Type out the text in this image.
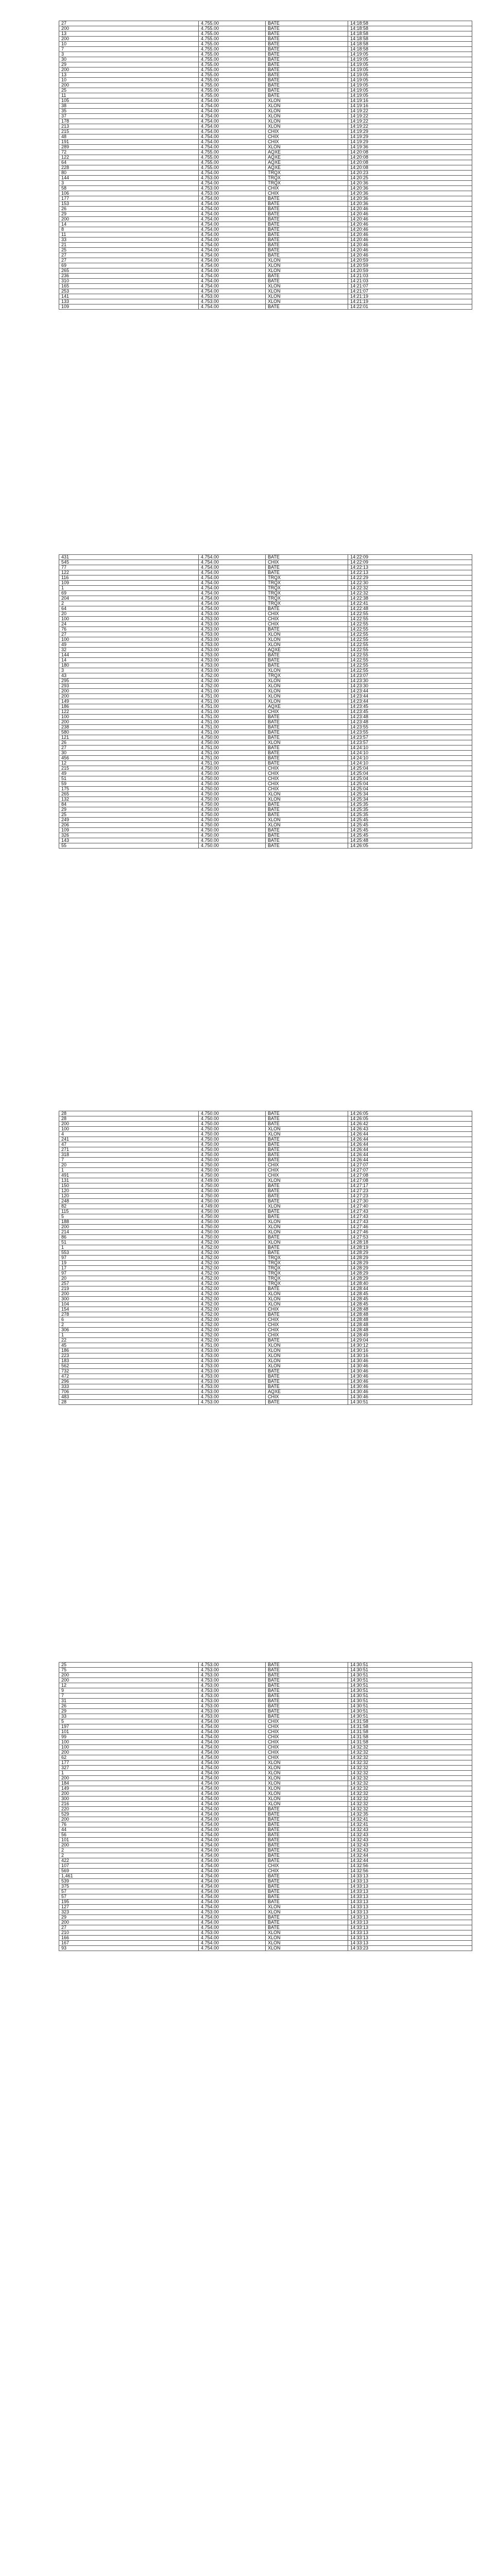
27	4.755.00	BATE	14:18:58
200	4.755.00	BATE	14:18:58
13	4.755.00	BATE	14:18:58
200	4.755.00	BATE	14:18:58
10	4.755.00	BATE	14:18:58
7	4.755.00	BATE	14:18:58
3	4.755.00	BATE	14:19:05
30	4.755.00	BATE	14:19:05
29	4.755.00	BATE	14:19:05
200	4.755.00	BATE	14:19:05
13	4.755.00	BATE	14:19:05
10	4.755.00	BATE	14:19:05
200	4.755.00	BATE	14:19:05
25	4.755.00	BATE	14:19:05
11	4.755.00	BATE	14:19:05
105	4.754.00	XLON	14:19:16
38	4.754.00	XLON	14:19:16
35	4.754.00	XLON	14:19:22
37	4.754.00	XLON	14:19:22
178	4.754.00	XLON	14:19:22
213	4.754.00	XLON	14:19:22
215	4.754.00	CHIX	14:19:29
48	4.754.00	CHIX	14:19:29
191	4.754.00	CHIX	14:19:29
289	4.754.00	XLON	14:19:36
72	4.755.00	AQXE	14:20:08
122	4.755.00	AQXE	14:20:08
64	4.755.00	AQXE	14:20:08
228	4.755.00	AQXE	14:20:08
80	4.754.00	TRQX	14:20:23
144	4.753.00	TRQX	14:20:25
3	4.754.00	TRQX	14:20:36
58	4.753.00	CHIX	14:20:36
106	4.753.00	CHIX	14:20:36
177	4.754.00	BATE	14:20:36
153	4.754.00	BATE	14:20:36
26	4.754.00	BATE	14:20:46
29	4.754.00	BATE	14:20:46
200	4.754.00	BATE	14:20:46
14	4.754.00	BATE	14:20:46
8	4.754.00	BATE	14:20:46
11	4.754.00	BATE	14:20:46
33	4.754.00	BATE	14:20:46
21	4.754.00	BATE	14:20:46
25	4.754.00	BATE	14:20:46
27	4.754.00	BATE	14:20:46
27	4.754.00	XLON	14:20:59
69	4.754.00	XLON	14:20:59
265	4.754.00	XLON	14:20:59
236	4.754.00	BATE	14:21:03
310	4.754.00	BATE	14:21:03
165	4.754.00	XLON	14:21:07
253	4.754.00	XLON	14:21:07
141	4.753.00	XLON	14:21:19
133	4.753.00	XLON	14:21:19
109	4.754.00	BATE	14:22:01
431	4.754.00	BATE	14:22:09
545	4.754.00	CHIX	14:22:09
77	4.754.00	BATE	14:22:13
122	4.754.00	BATE	14:22:13
116	4.754.00	TRQX	14:22:29
109	4.754.00	TRQX	14:22:30
1	4.754.00	TRQX	14:22:32
69	4.754.00	TRQX	14:22:32
204	4.754.00	TRQX	14:22:38
2	4.754.00	TRQX	14:22:41
64	4.754.00	BATE	14:22:48
20	4.753.00	CHIX	14:22:55
100	4.753.00	CHIX	14:22:55
24	4.753.00	CHIX	14:22:55
76	4.753.00	BATE	14:22:55
27	4.753.00	XLON	14:22:55
100	4.753.00	XLON	14:22:55
49	4.753.00	XLON	14:22:55
32	4.753.00	AQXE	14:22:55
144	4.753.00	BATE	14:22:55
14	4.753.00	BATE	14:22:55
180	4.753.00	BATE	14:22:55
3	4.753.00	XLON	14:22:55
43	4.752.00	TRQX	14:23:07
295	4.752.00	XLON	14:23:30
293	4.752.00	XLON	14:23:30
200	4.751.00	XLON	14:23:44
200	4.751.00	XLON	14:23:44
149	4.751.00	XLON	14:23:44
186	4.751.00	AQXE	14:23:45
122	4.751.00	CHIX	14:23:45
100	4.751.00	BATE	14:23:48
200	4.751.00	BATE	14:23:48
238	4.751.00	BATE	14:23:55
580	4.751.00	BATE	14:23:55
121	4.750.00	BATE	14:23:57
26	4.750.00	XLON	14:23:57
27	4.751.00	BATE	14:24:10
30	4.751.00	BATE	14:24:10
456	4.751.00	BATE	14:24:10
12	4.751.00	BATE	14:24:10
215	4.750.00	CHIX	14:25:04
49	4.750.00	CHIX	14:25:04
51	4.750.00	CHIX	14:25:04
59	4.750.00	CHIX	14:25:04
175	4.750.00	CHIX	14:25:04
265	4.750.00	XLON	14:25:34
132	4.750.00	XLON	14:25:34
84	4.750.00	BATE	14:25:35
29	4.750.00	BATE	14:25:35
25	4.750.00	BATE	14:25:35
249	4.750.00	XLON	14:25:45
206	4.750.00	XLON	14:25:45
109	4.750.00	BATE	14:25:45
326	4.750.00	BATE	14:25:45
143	4.750.00	BATE	14:25:48
55	4.750.00	BATE	14:26:05
28	4.750.00	BATE	14:26:05
28	4.750.00	BATE	14:26:05
200	4.750.00	BATE	14:26:42
100	4.750.00	XLON	14:26:43
4	4.750.00	XLON	14:26:44
241	4.750.00	BATE	14:26:44
47	4.750.00	BATE	14:26:44
271	4.750.00	BATE	14:26:44
318	4.750.00	BATE	14:26:44
7	4.750.00	BATE	14:26:44
20	4.750.00	CHIX	14:27:07
1	4.750.00	CHIX	14:27:07
491	4.750.00	CHIX	14:27:08
131	4.749.00	XLON	14:27:08
150	4.750.00	BATE	14:27:17
120	4.750.00	BATE	14:27:23
120	4.750.00	BATE	14:27:23
248	4.750.00	BATE	14:27:30
82	4.749.00	XLON	14:27:40
115	4.750.00	BATE	14:27:43
5	4.750.00	BATE	14:27:43
188	4.750.00	XLON	14:27:43
200	4.750.00	XLON	14:27:46
214	4.750.00	XLON	14:27:46
86	4.750.00	BATE	14:27:53
51	4.752.00	XLON	14:28:18
1	4.752.00	BATE	14:28:19
553	4.752.00	BATE	14:28:29
97	4.752.00	TRQX	14:28:29
19	4.752.00	TRQX	14:28:29
17	4.752.00	TRQX	14:28:29
97	4.752.00	TRQX	14:28:29
20	4.752.00	TRQX	14:28:29
257	4.752.00	TRQX	14:28:40
219	4.752.00	BATE	14:28:44
200	4.752.00	XLON	14:28:45
300	4.752.00	XLON	14:28:45
104	4.752.00	XLON	14:28:45
154	4.752.00	CHIX	14:28:48
278	4.752.00	BATE	14:28:48
6	4.752.00	CHIX	14:28:48
2	4.752.00	CHIX	14:28:48
306	4.752.00	CHIX	14:28:48
1	4.752.00	CHIX	14:28:49
22	4.752.00	BATE	14:29:04
45	4.751.00	XLON	14:30:12
186	4.753.00	XLON	14:30:16
223	4.753.00	XLON	14:30:16
183	4.753.00	XLON	14:30:46
562	4.753.00	XLON	14:30:46
732	4.753.00	BATE	14:30:46
472	4.753.00	BATE	14:30:46
296	4.753.00	BATE	14:30:46
333	4.753.00	BATE	14:30:46
706	4.753.00	AQXE	14:30:46
483	4.753.00	CHIX	14:30:46
28	4.753.00	BATE	14:30:51
25	4.753.00	BATE	14:30:51
75	4.753.00	BATE	14:30:51
200	4.753.00	BATE	14:30:51
200	4.753.00	BATE	14:30:51
12	4.753.00	BATE	14:30:51
9	4.753.00	BATE	14:30:51
7	4.753.00	BATE	14:30:51
31	4.753.00	BATE	14:30:51
26	4.753.00	BATE	14:30:51
29	4.753.00	BATE	14:30:51
33	4.753.00	BATE	14:30:51
5	4.754.00	CHIX	14:31:58
197	4.754.00	CHIX	14:31:58
101	4.754.00	CHIX	14:31:58
99	4.754.00	CHIX	14:31:58
100	4.754.00	CHIX	14:31:58
100	4.754.00	CHIX	14:32:32
200	4.754.00	CHIX	14:32:32
62	4.754.00	CHIX	14:32:32
177	4.754.00	XLON	14:32:32
327	4.754.00	XLON	14:32:32
1	4.754.00	XLON	14:32:32
200	4.754.00	XLON	14:32:32
184	4.754.00	XLON	14:32:32
149	4.754.00	XLON	14:32:32
200	4.754.00	XLON	14:32:32
300	4.754.00	XLON	14:32:32
216	4.754.00	XLON	14:32:32
220	4.754.00	BATE	14:32:32
529	4.754.00	BATE	14:32:35
200	4.754.00	BATE	14:32:41
76	4.754.00	BATE	14:32:41
44	4.754.00	BATE	14:32:43
56	4.754.00	BATE	14:32:43
101	4.754.00	BATE	14:32:43
200	4.754.00	BATE	14:32:43
2	4.754.00	BATE	14:32:43
2	4.754.00	BATE	14:32:44
422	4.754.00	BATE	14:32:44
107	4.754.00	CHIX	14:32:56
569	4.754.00	CHIX	14:32:56
1,461	4.754.00	BATE	14:33:13
539	4.754.00	BATE	14:33:13
375	4.754.00	BATE	14:33:13
57	4.754.00	BATE	14:33:13
57	4.754.00	BATE	14:33:13
195	4.754.00	BATE	14:33:13
127	4.754.00	XLON	14:33:13
323	4.753.00	XLON	14:33:13
29	4.754.00	BATE	14:33:13
200	4.754.00	BATE	14:33:13
27	4.754.00	BATE	14:33:13
210	4.753.00	XLON	14:33:13
166	4.754.00	XLON	14:33:13
167	4.754.00	XLON	14:33:13
93	4.754.00	XLON	14:33:23
